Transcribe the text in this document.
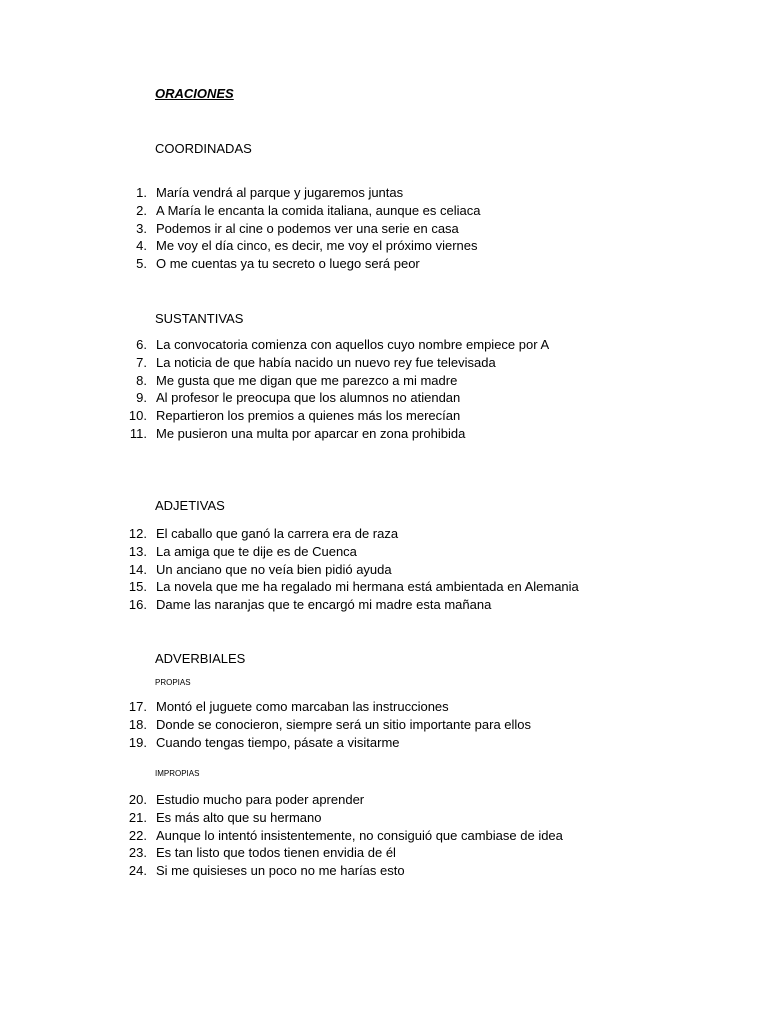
ORACIONES
COORDINADAS
1. María vendrá al parque y jugaremos juntas
2. A María le encanta la comida italiana, aunque es celiaca
3. Podemos ir al cine o podemos ver una serie en casa
4. Me voy el día cinco, es decir, me voy el próximo viernes
5. O me cuentas ya tu secreto o luego será peor
SUSTANTIVAS
6. La convocatoria comienza con aquellos cuyo nombre empiece por A
7. La noticia de que había nacido un nuevo rey fue televisada
8. Me gusta que me digan que me parezco a mi madre
9. Al profesor le preocupa que los alumnos no atiendan
10. Repartieron los premios a quienes más los merecían
11. Me pusieron una multa por aparcar en zona prohibida
ADJETIVAS
12. El caballo que ganó la carrera era de raza
13. La amiga que te dije es de Cuenca
14. Un anciano que no veía bien pidió ayuda
15. La novela que me ha regalado mi hermana está ambientada en Alemania
16. Dame las naranjas que te encargó mi madre esta mañana
ADVERBIALES
PROPIAS
17. Montó el juguete como marcaban las instrucciones
18. Donde se conocieron, siempre será un sitio importante para ellos
19. Cuando tengas tiempo, pásate a visitarme
IMPROPIAS
20. Estudio mucho para poder aprender
21. Es más alto que su hermano
22. Aunque lo intentó insistentemente, no consiguió que cambiase de idea
23. Es tan listo que todos tienen envidia de él
24. Si me quisieses un poco no me harías esto
